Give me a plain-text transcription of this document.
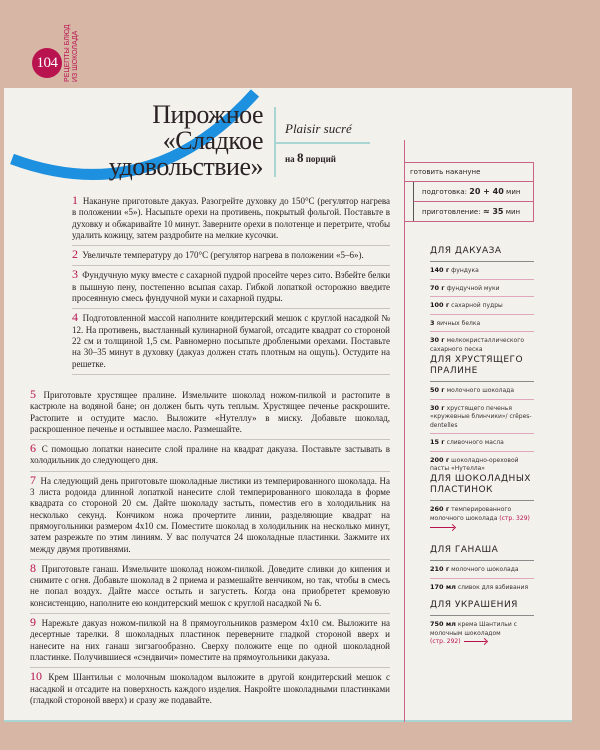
104 РЕЦЕПТЫ БЛЮД
ИЗ ШОКОЛАДА
Пирожное
«Сладкое
удовольствие»
Plaisir sucré
на 8 порций
1 Накануне приготовьте дакуаз. Разогрейте духовку до 150°C (регулятор нагрева в положении «5»). Насыпьте орехи на противень, покрытый фольгой. Поставьте в духовку и обжаривайте 10 минут. Заверните орехи в полотенце и перетрите, чтобы удалить кожицу, затем раздробите на мелкие кусочки.
2 Увеличьте температуру до 170°C (регулятор нагрева в положении «5–6»).
3 Фундучную муку вместе с сахарной пудрой просейте через сито. Взбейте белки в пышную пену, постепенно всыпая сахар. Гибкой лопаткой осторожно введите просеянную смесь фундучной муки и сахарной пудры.
4 Подготовленной массой наполните кондитерский мешок с круглой насадкой № 12. На противень, выстланный кулинарной бумагой, отсадите квадрат со стороной 22 см и толщиной 1,5 см. Равномерно посыпьте дроблеными орехами. Поставьте на 30–35 минут в духовку (дакуаз должен стать плотным на ощупь). Остудите на решетке.
5 Приготовьте хрустящее пралине. Измельчите шоколад ножом-пилкой и растопите в кастрюле на водяной бане; он должен быть чуть теплым. Хрустящее печенье раскрошите. Растопите и остудите масло. Выложите «Нутеллу» в миску. Добавьте шоколад, раскрошенное печенье и остывшее масло. Размешайте.
6 С помощью лопатки нанесите слой пралине на квадрат дакуаза. Поставьте застывать в холодильник до следующего дня.
7 На следующий день приготовьте шоколадные листики из темперированного шоколада. На 3 листа родоида длинной лопаткой нанесите слой темперированного шоколада в форме квадрата со стороной 20 см. Дайте шоколаду застыть, поместив его в холодильник на несколько секунд. Кончиком ножа прочертите линии, разделяющие квадрат на прямоугольники размером 4x10 см. Поместите шоколад в холодильник на несколько минут, затем разрежьте по этим линиям. У вас получатся 24 шоколадные пластинки. Зажмите их между двумя противнями.
8 Приготовьте ганаш. Измельчите шоколад ножом-пилкой. Доведите сливки до кипения и снимите с огня. Добавьте шоколад в 2 приема и размешайте венчиком, но так, чтобы в смесь не попал воздух. Дайте массе остыть и загустеть. Когда она приобретет кремовую консистенцию, наполните ею кондитерский мешок с круглой насадкой № 6.
9 Нарежьте дакуаз ножом-пилкой на 8 прямоугольников размером 4x10 см. Выложите на десертные тарелки. 8 шоколадных пластинок переверните гладкой стороной вверх и нанесите на них ганаш зигзагообразно. Сверху положите еще по одной шоколадной пластинке. Получившиеся «сэндвичи» поместите на прямоугольники дакуаза.
10 Крем Шантильи с молочным шоколадом выложите в другой кондитерский мешок с насадкой и отсадите на поверхность каждого изделия. Накройте шоколадными пластинками (гладкой стороной вверх) и сразу же подавайте.
готовить накануне
подготовка: 20 + 40 мин
приготовление: ≈ 35 мин
ДЛЯ ДАКУАЗА
140 г фундука
70 г фундучной муки
100 г сахарной пудры
3 яичных белка
30 г мелкокристаллического сахарного песка
ДЛЯ ХРУСТЯЩЕГО ПРАЛИНЕ
50 г молочного шоколада
30 г хрустящего печенья «кружевные блинчики»/ crêpes-dentelles
15 г сливочного масла
200 г шоколадно-ореховой пасты «Нутелла»
ДЛЯ ШОКОЛАДНЫХ ПЛАСТИНОК
260 г темперированного молочного шоколада (стр. 329)
ДЛЯ ГАНАША
210 г молочного шоколада
170 мл сливок для взбивания
ДЛЯ УКРАШЕНИЯ
750 мл крема Шантильи с молочным шоколадом
(стр. 292)
